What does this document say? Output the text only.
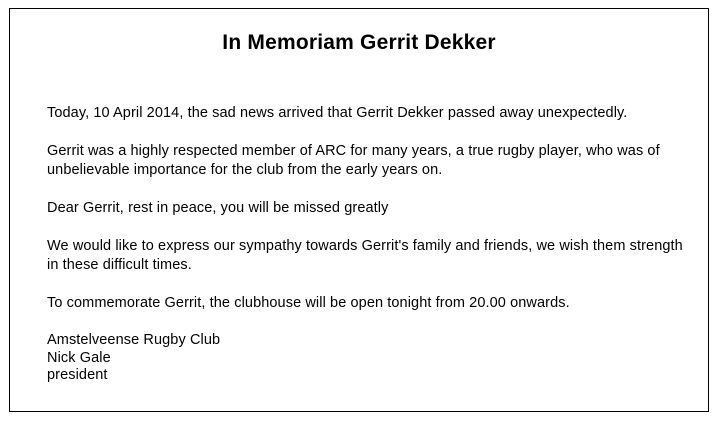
In Memoriam Gerrit Dekker

Today, 10 April 2014, the sad news arrived that Gerrit Dekker passed away unexpectedly.

Gerrit was a highly respected member of ARC for many years, a true rugby player, who was of unbelievable importance for the club from the early years on.

Dear Gerrit, rest in peace, you will be missed greatly

We would like to express our sympathy towards Gerrit's family and friends, we wish them strength in these difficult times.

To commemorate Gerrit, the clubhouse will be open tonight from 20.00 onwards.

Amstelveense Rugby Club
Nick Gale
president
